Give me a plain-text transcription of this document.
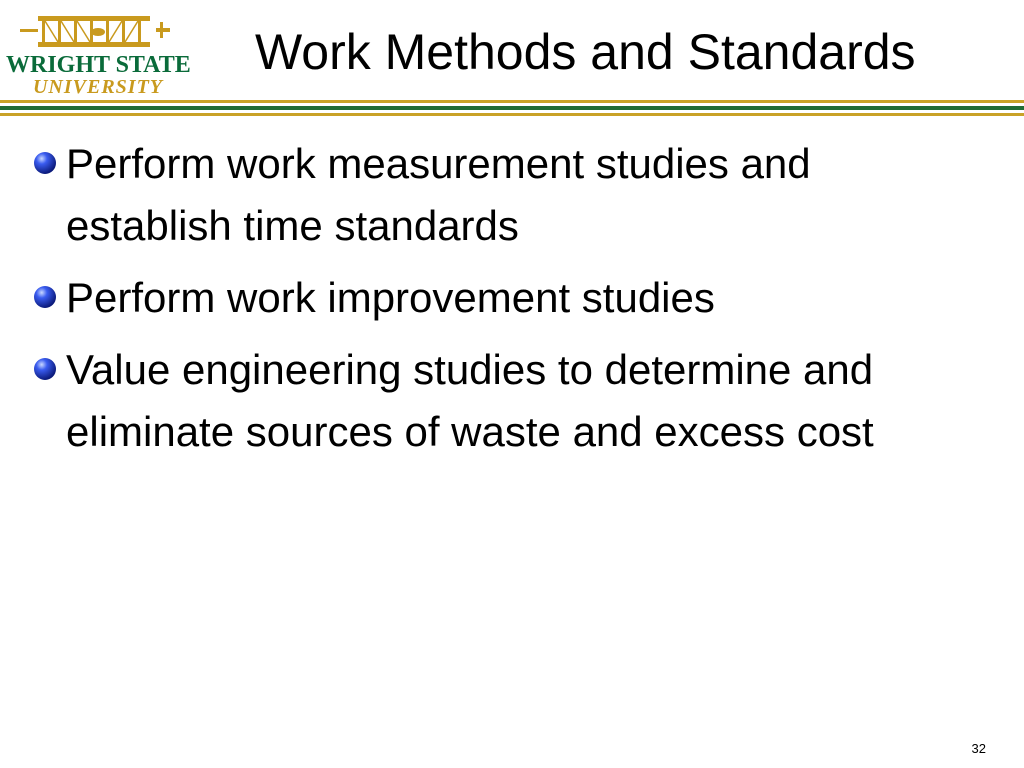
WRIGHT STATE
UNIVERSITY
Work Methods and Standards
Perform work measurement studies and establish time standards
Perform work improvement studies
Value engineering studies to determine and eliminate sources of waste and excess cost
32
